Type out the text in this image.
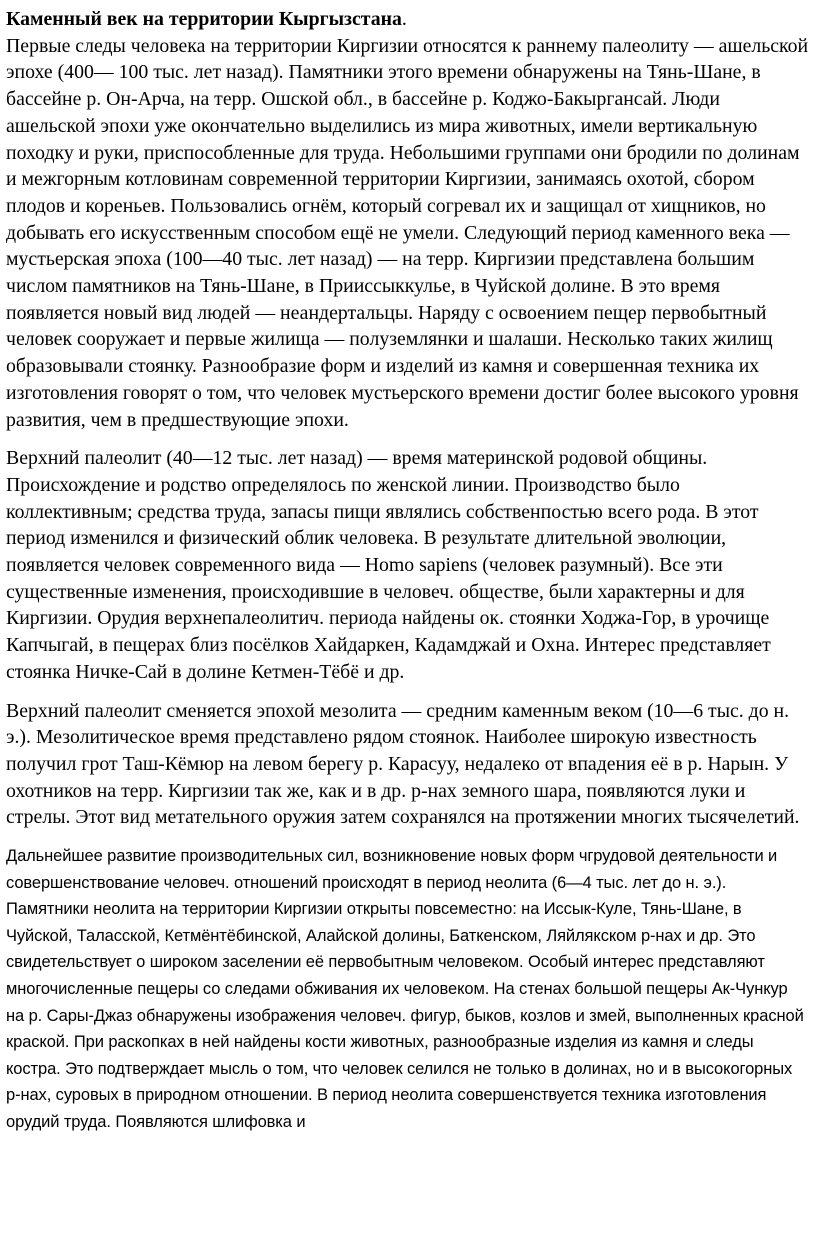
Каменный век на территории Кыргызстана.
Первые следы человека на территории Киргизии относятся к раннему палеолиту — ашельской эпохе (400— 100 тыс. лет назад). Памятники этого времени обнаружены на Тянь-Шане, в бассейне р. Он-Арча, на терр. Ошской обл., в бассейне р. Коджо-Бакыргансай. Люди ашельской эпохи уже окончательно выделились из мира животных, имели вертикальную походку и руки, приспособленные для труда. Небольшими группами они бродили по долинам и межгорным котловинам современной территории Киргизии, занимаясь охотой, сбором плодов и кореньев. Пользовались огнём, который согревал их и защищал от хищников, но добывать его искусственным способом ещё не умели. Следующий период каменного века — мустьерская эпоха (100—40 тыс. лет назад) — на терр. Киргизии представлена большим числом памятников на Тянь-Шане, в Прииссыккулье, в Чуйской долине. В это время появляется новый вид людей — неандертальцы. Наряду с освоением пещер первобытный человек сооружает и первые жилища — полуземлянки и шалаши. Несколько таких жилищ образовывали стоянку. Разнообразие форм и изделий из камня и совершенная техника их изготовления говорят о том, что человек мустьерского времени достиг более высокого уровня развития, чем в предшествующие эпохи.

Верхний палеолит (40—12 тыс. лет назад) — время материнской родовой общины. Происхождение и родство определялось по женской линии. Производство было коллективным; средства труда, запасы пищи являлись собственпостью всего рода. В этот период изменился и физический облик человека. В результате длительной эволюции, появляется человек современного вида — Homo sapiens (человек разумный). Все эти существенные изменения, происходившие в человеч. обществе, были характерны и для Киргизии. Орудия верхнепалеолитич. периода найдены ок. стоянки Ходжа-Гор, в урочище Капчыгай, в пещерах близ посёлков Хайдаркен, Кадамджай и Охна. Интерес представляет стоянка Ничке-Сай в долине Кетмен-Тёбё и др.

Верхний палеолит сменяется эпохой мезолита — средним каменным веком (10—6 тыс. до н. э.). Мезолитическое время представлено рядом стоянок. Наиболее широкую известность получил грот Таш-Кёмюр на левом берегу р. Карасуу, недалеко от впадения её в р. Нарын. У охотников на терр. Киргизии так же, как и в др. р-нах земного шара, появляются луки и стрелы. Этот вид метательного оружия затем сохранялся на протяжении многих тысячелетий.

Дальнейшее развитие производительных сил, возникновение новых форм чгрудовой деятельности и совершенствование человеч. отношений происходят в период неолита (6—4 тыс. лет до н. э.). Памятники неолита на территории Киргизии открыты повсеместно: на Иссык-Куле, Тянь-Шане, в Чуйской, Таласской, Кетмёнтёбинской, Алайской долины, Баткенском, Ляйлякском р-нах и др. Это свидетельствует о широком заселении её первобытным человеком. Особый интерес представляют многочисленные пещеры со следами обживания их человеком. На стенах большой пещеры Ак-Чункур на р. Сары-Джаз обнаружены изображения человеч. фигур, быков, козлов и змей, выполненных красной краской. При раскопках в ней найдены кости животных, разнообразные изделия из камня и следы костра. Это подтверждает мысль о том, что человек селился не только в долинах, но и в высокогорных р-нах, суровых в природном отношении. В период неолита совершенствуется техника изготовления орудий труда. Появляются шлифовка и
